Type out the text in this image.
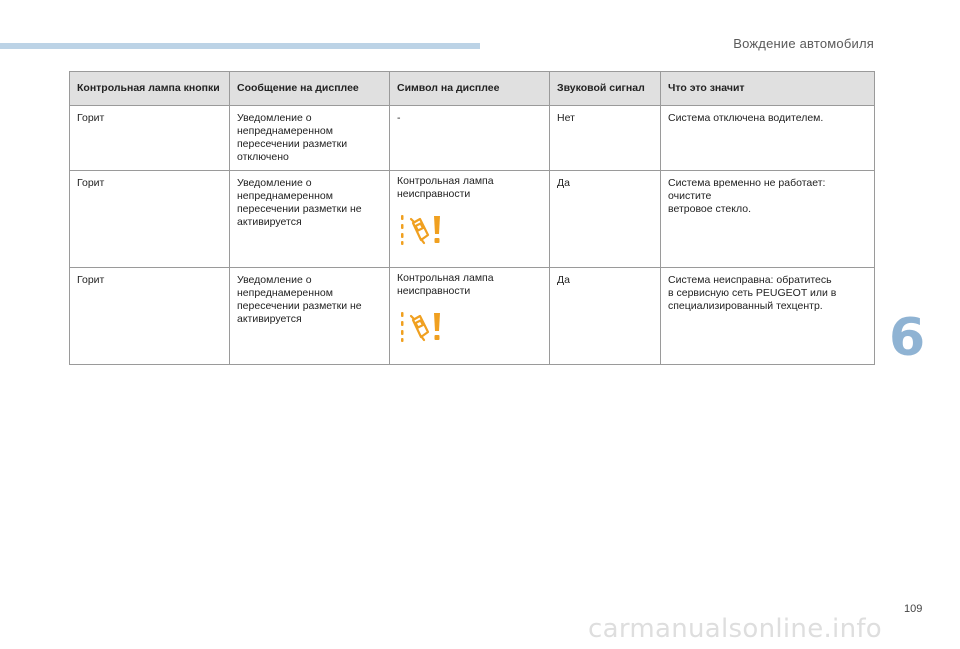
Вождение автомобиля
Контрольная лампа кнопки	Сообщение на дисплее	Символ на дисплее	Звуковой сигнал	Что это значит
Горит	Уведомление о
непреднамеренном
пересечении разметки
отключено	-	Нет	Система отключена водителем.
Горит	Уведомление о
непреднамеренном
пересечении разметки не
активируется	Контрольная лампа
неисправности	Да	Система временно не работает: очистите
ветровое стекло.
Горит	Уведомление о
непреднамеренном
пересечении разметки не
активируется	Контрольная лампа
неисправности	Да	Система неисправна: обратитесь
в сервисную сеть PEUGEOT или в
специализированный техцентр.
6
109
carmanualsonline.info
